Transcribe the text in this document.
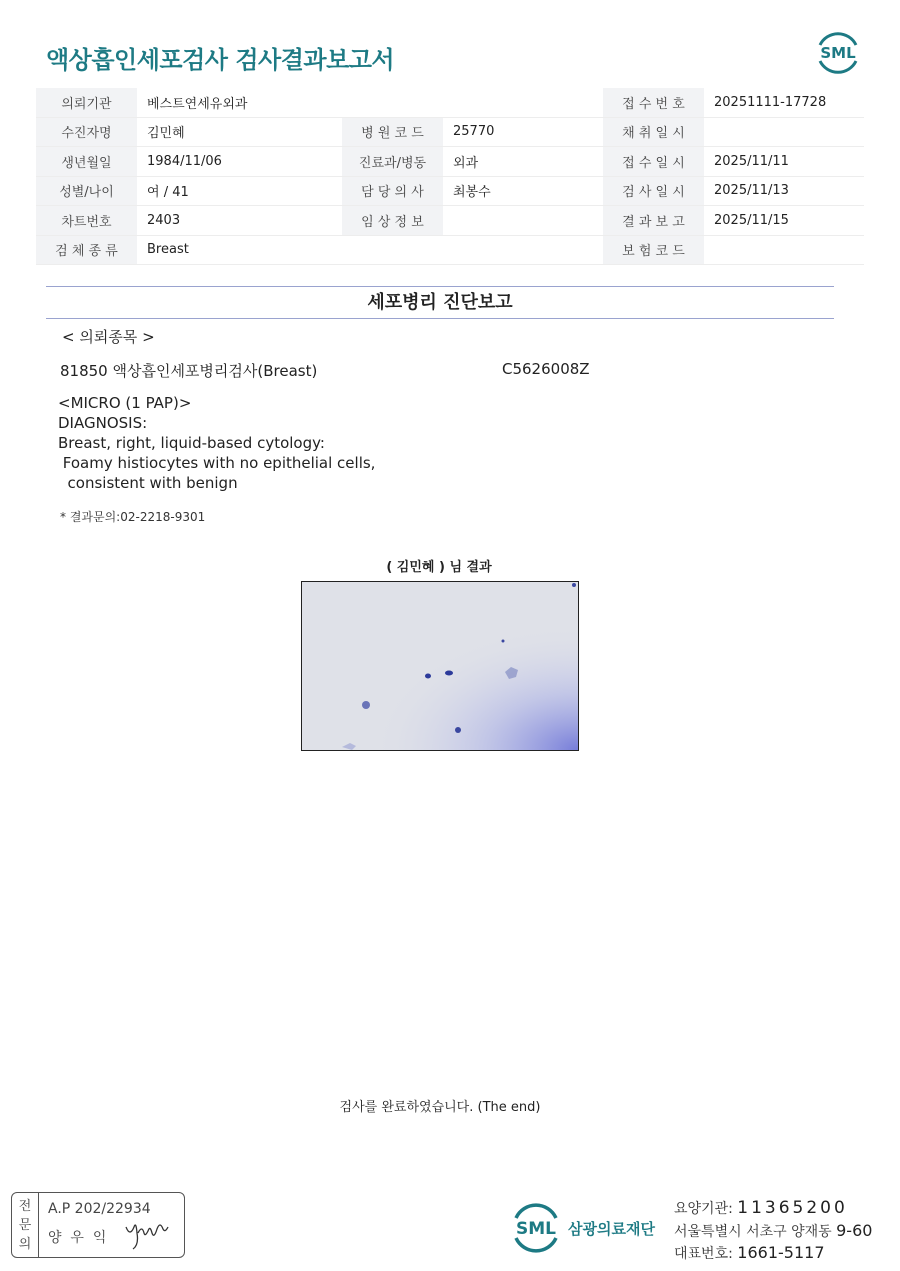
액상흡인세포검사 검사결과보고서	SML
의뢰기관	베스트연세유외과			접 수 번 호	20251111-17728
수진자명	김민혜	병 원 코 드	25770	채 취 일 시	
생년월일	1984/11/06	진료과/병동	외과	접 수 일 시	2025/11/11
성별/나이	여 / 41	담 당 의 사	최봉수	검 사 일 시	2025/11/13
차트번호	2403	임 상 정 보		결 과 보 고	2025/11/15
검 체 종 류	Breast			보 험 코 드	
세포병리 진단보고
< 의뢰종목 >
81850 액상흡인세포병리검사(Breast)	C5626008Z
<MICRO (1 PAP)>
DIAGNOSIS:
Breast, right, liquid-based cytology:
Foamy histiocytes with no epithelial cells,
consistent with benign
* 결과문의:02-2218-9301
( 김민혜 ) 님 결과
검사를 완료하였습니다. (The end)
전
문
의
A.P 202/22934
양  우  익	SML 삼광의료재단
요양기관: 11365200
서울특별시 서초구 양재동 9-60
대표번호: 1661-5117
